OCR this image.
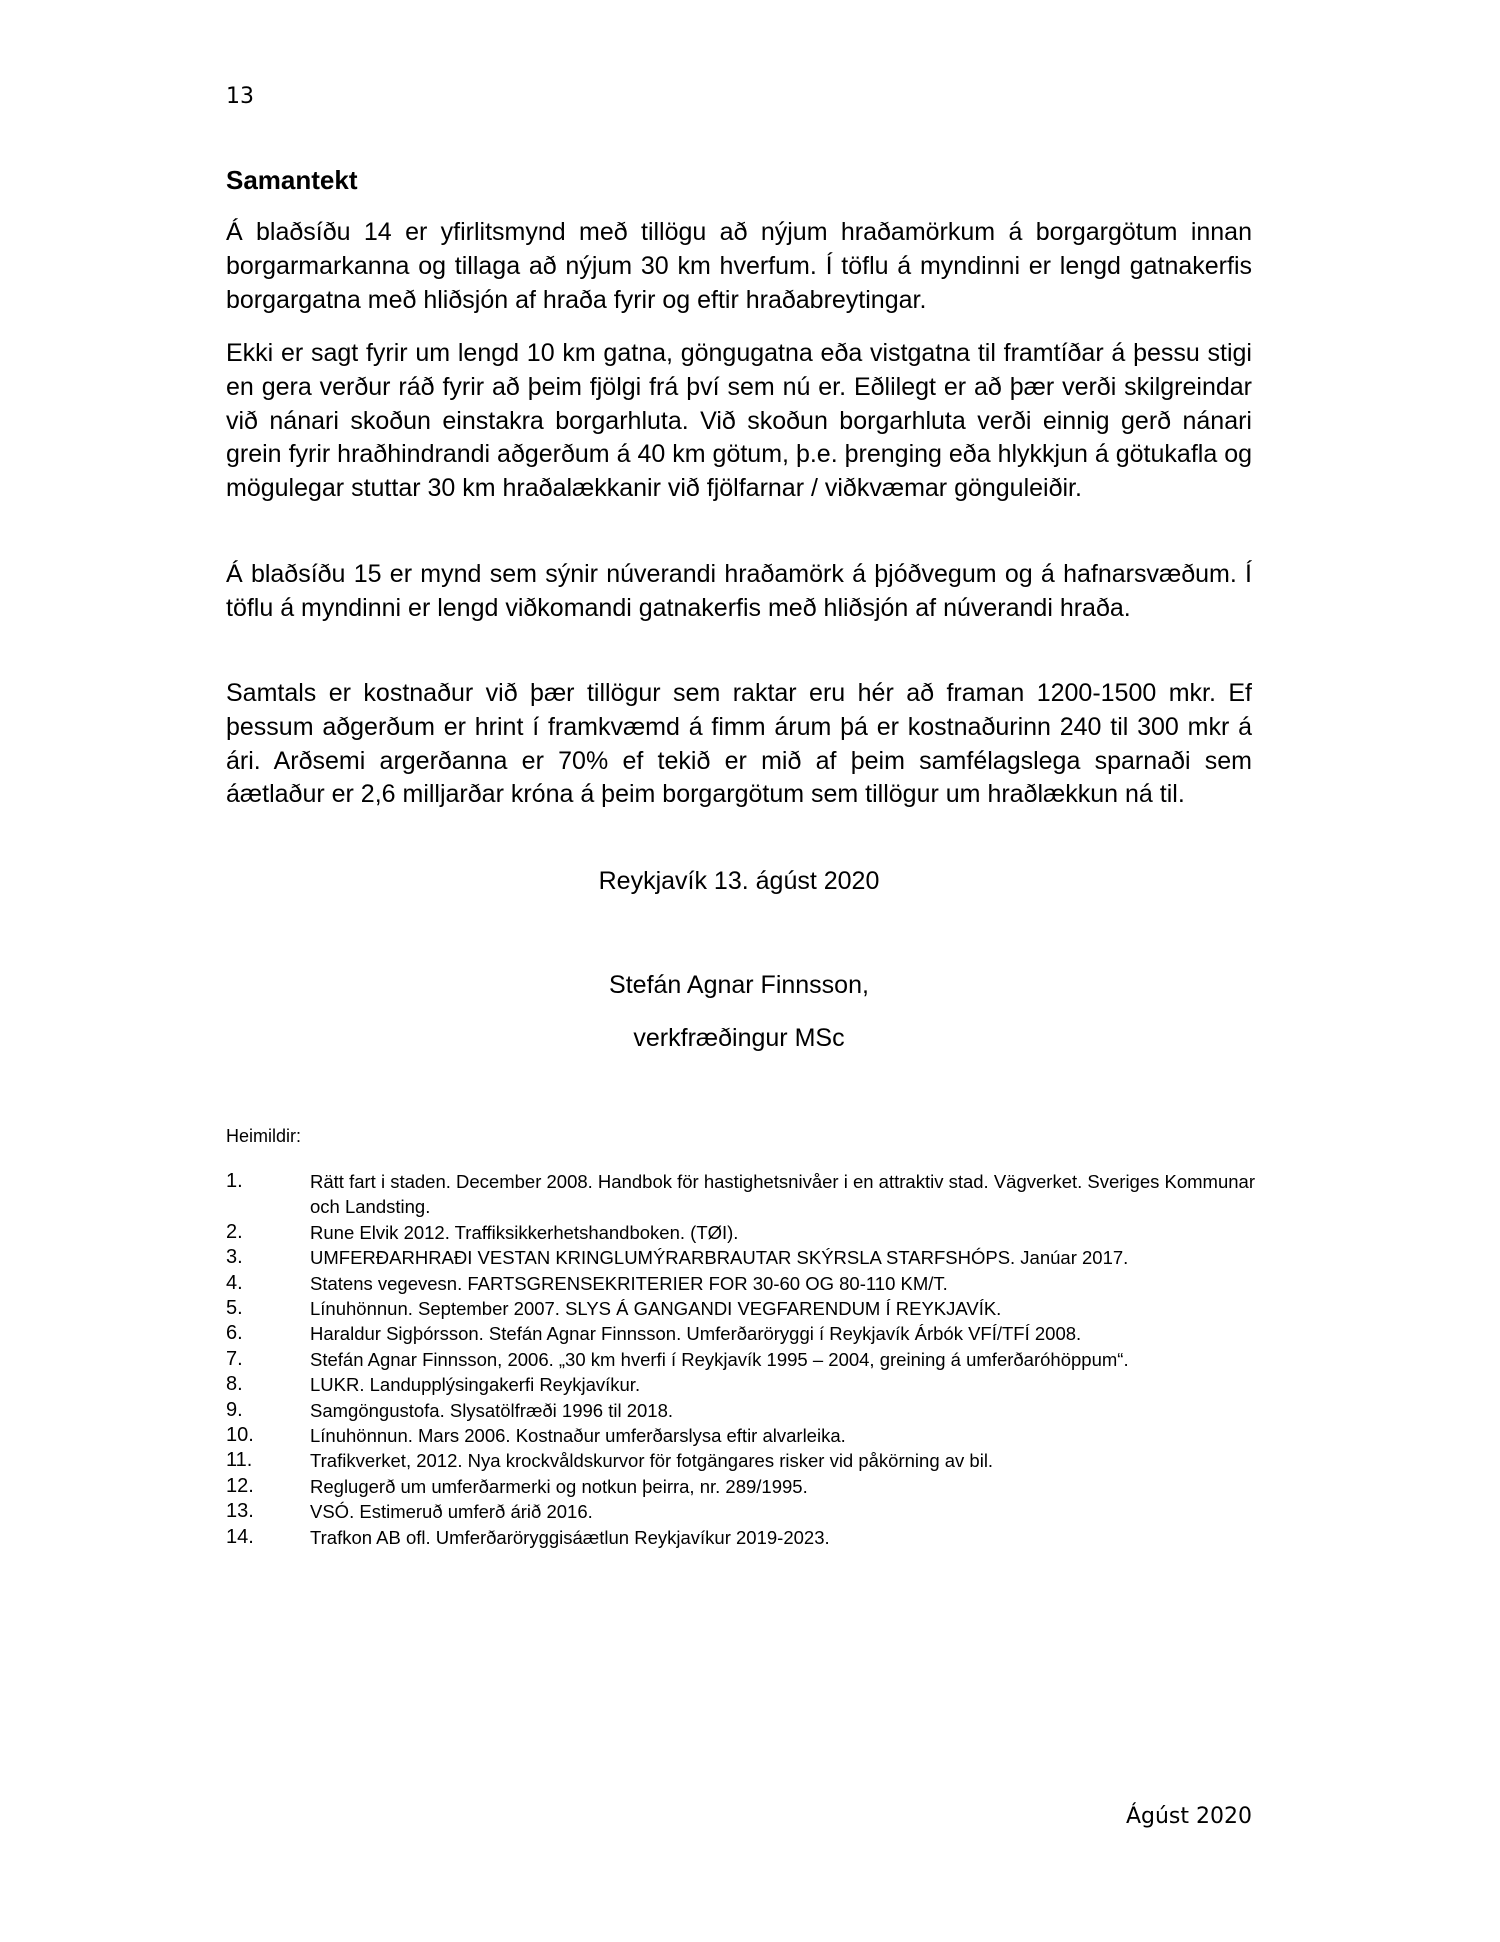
13
Samantekt

Á blaðsíðu 14 er yfirlitsmynd með tillögu að nýjum hraðamörkum á borgargötum innan borgarmarkanna og tillaga að nýjum 30 km hverfum. Í töflu á myndinni er lengd gatnakerfis borgargatna með hliðsjón af hraða fyrir og eftir hraðabreytingar.

Ekki er sagt fyrir um lengd 10 km gatna, göngugatna eða vistgatna til framtíðar á þessu stigi en gera verður ráð fyrir að þeim fjölgi frá því sem nú er. Eðlilegt er að þær verði skilgreindar við nánari skoðun einstakra borgarhluta. Við skoðun borgarhluta verði einnig gerð nánari grein fyrir hraðhindrandi aðgerðum á 40 km götum, þ.e. þrenging eða hlykkjun á götukafla og mögulegar stuttar 30 km hraðalækkanir við fjölfarnar / viðkvæmar gönguleiðir.

Á blaðsíðu 15 er mynd sem sýnir núverandi hraðamörk á þjóðvegum og á hafnarsvæðum. Í töflu á myndinni er lengd viðkomandi gatnakerfis með hliðsjón af núverandi hraða.

Samtals er kostnaður við þær tillögur sem raktar eru hér að framan 1200-1500 mkr. Ef þessum aðgerðum er hrint í framkvæmd á fimm árum þá er kostnaðurinn 240 til 300 mkr á ári. Arðsemi argerðanna er 70% ef tekið er mið af þeim samfélagslega sparnaði sem áætlaður er 2,6 milljarðar króna á þeim borgargötum sem tillögur um hraðlækkun ná til.

Reykjavík 13. ágúst 2020
Stefán Agnar Finnsson,
verkfræðingur MSc
Heimildir:
1.	Rätt fart i staden. December 2008. Handbok för hastighetsnivåer i en attraktiv stad. Vägverket. Sveriges Kommunar och Landsting.
2.	Rune Elvik 2012. Traffiksikkerhetshandboken. (TØI).
3.	UMFERÐARHRAÐI VESTAN KRINGLUMÝRARBRAUTAR SKÝRSLA STARFSHÓPS. Janúar 2017.
4.	Statens vegevesn. FARTSGRENSEKRITERIER FOR 30-60 OG 80-110 KM/T.
5.	Línuhönnun. September 2007. SLYS Á GANGANDI VEGFARENDUM Í REYKJAVÍK.
6.	Haraldur Sigþórsson. Stefán Agnar Finnsson. Umferðaröryggi í Reykjavík Árbók VFÍ/TFÍ 2008.
7.	Stefán Agnar Finnsson, 2006. „30 km hverfi í Reykjavík 1995 – 2004, greining á umferðaróhöppum“.
8.	LUKR. Landupplýsingakerfi Reykjavíkur.
9.	Samgöngustofa. Slysatölfræði 1996 til 2018.
10.	Línuhönnun. Mars 2006. Kostnaður umferðarslysa eftir alvarleika.
11.	Trafikverket, 2012. Nya krockvåldskurvor för fotgängares risker vid påkörning av bil.
12.	Reglugerð um umferðarmerki og notkun þeirra, nr. 289/1995.
13.	VSÓ. Estimeruð umferð árið 2016.
14.	Trafkon AB ofl. Umferðaröryggisáætlun Reykjavíkur 2019-2023.
Ágúst 2020
